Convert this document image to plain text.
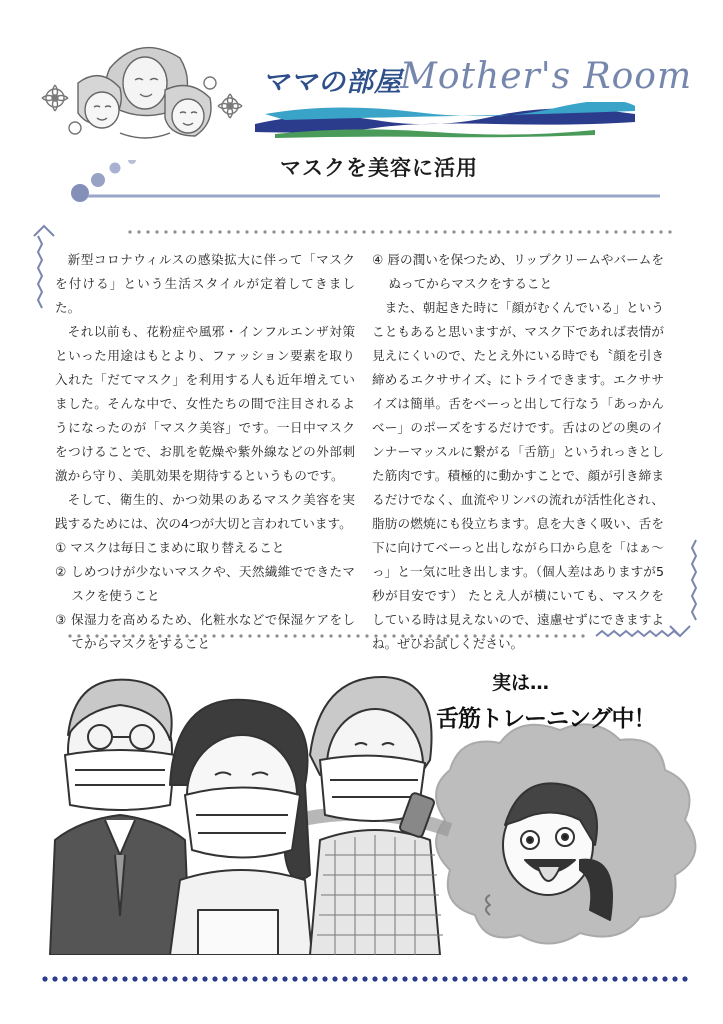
ママの部屋
Mother's Room
マスクを美容に活用

新型コロナウィルスの感染拡大に伴って「マスクを付ける」という生活スタイルが定着してきました。

それ以前も、花粉症や風邪・インフルエンザ対策といった用途はもとより、ファッション要素を取り入れた「だてマスク」を利用する人も近年増えていました。そんな中で、女性たちの間で注目されるようになったのが「マスク美容」です。一日中マスクをつけることで、お肌を乾燥や紫外線などの外部刺激から守り、美肌効果を期待するというものです。

そして、衛生的、かつ効果のあるマスク美容を実践するためには、次の4つが大切と言われています。

① マスクは毎日こまめに取り替えること

② しめつけが少ないマスクや、天然繊維でできたマスクを使うこと

③ 保湿力を高めるため、化粧水などで保湿ケアをしてからマスクをすること

④ 唇の潤いを保つため、リップクリームやバームをぬってからマスクをすること

また、朝起きた時に「顔がむくんでいる」ということもあると思いますが、マスク下であれば表情が見えにくいので、たとえ外にいる時でも〝顔を引き締めるエクササイズ〟にトライできます。エクササイズは簡単。舌をべーっと出して行なう「あっかんべー」のポーズをするだけです。舌はのどの奥のインナーマッスルに繋がる「舌筋」というれっきとした筋肉です。積極的に動かすことで、顔が引き締まるだけでなく、血流やリンパの流れが活性化され、脂肪の燃焼にも役立ちます。息を大きく吸い、舌を下に向けてべーっと出しながら口から息を「はぁ〜っ」と一気に吐き出します。（個人差はありますが5秒が目安です） たとえ人が横にいても、マスクをしている時は見えないので、遠慮せずにできますよね。ぜひお試しください。

実は…
舌筋トレーニング中！
